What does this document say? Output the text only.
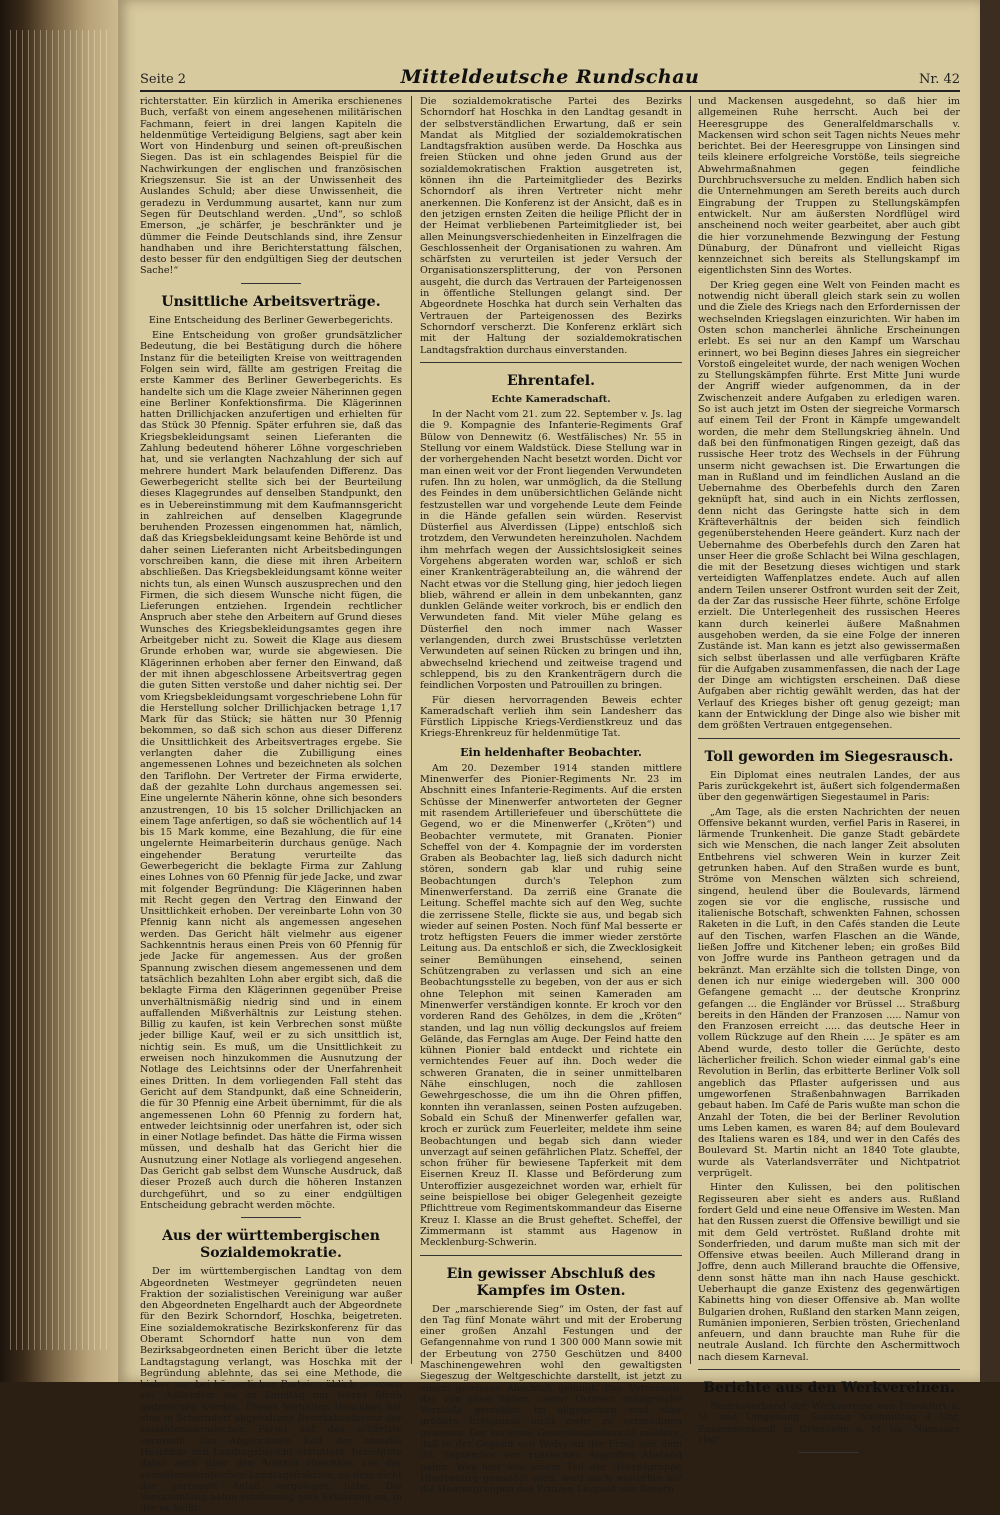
Seite 2	Mitteldeutsche Rundschau	Nr. 42

richterstatter. Ein kürzlich in Amerika erschienenes Buch, verfaßt von einem angesehenen militärischen Fachmann, feiert in drei langen Kapiteln die heldenmütige Verteidigung Belgiens, sagt aber kein Wort von Hindenburg und seinen oft-preußischen Siegen. Das ist ein schlagendes Beispiel für die Nachwirkungen der englischen und französischen Kriegszensur. Sie ist an der Unwissenheit des Auslandes Schuld; aber diese Unwissenheit, die geradezu in Verdummung ausartet, kann nur zum Segen für Deutschland werden. „Und“, so schloß Emerson, „je schärfer, je beschränkter und je dümmer die Feinde Deutschlands sind, ihre Zensur handhaben und ihre Berichterstattung fälschen, desto besser für den endgültigen Sieg der deutschen Sache!“

Unsittliche Arbeitsverträge.
Eine Entscheidung des Berliner Gewerbegerichts.

Eine Entscheidung von großer grundsätzlicher Bedeutung, die bei Bestätigung durch die höhere Instanz für die beteiligten Kreise von weittragenden Folgen sein wird, fällte am gestrigen Freitag die erste Kammer des Berliner Gewerbegerichts. Es handelte sich um die Klage zweier Näherinnen gegen eine Berliner Konfektionsfirma. Die Klägerinnen hatten Drillichjacken anzufertigen und erhielten für das Stück 30 Pfennig. Später erfuhren sie, daß das Kriegsbekleidungsamt seinen Lieferanten die Zahlung bedeutend höherer Löhne vorgeschrieben hat, und sie verlangten Nachzahlung der sich auf mehrere hundert Mark belaufenden Differenz. Das Gewerbegericht stellte sich bei der Beurteilung dieses Klagegrundes auf denselben Standpunkt, den es in Uebereinstimmung mit dem Kaufmannsgericht in zahlreichen auf denselben Klagegrunde beruhenden Prozessen eingenommen hat, nämlich, daß das Kriegsbekleidungsamt keine Behörde ist und daher seinen Lieferanten nicht Arbeitsbedingungen vorschreiben kann, die diese mit ihren Arbeitern abschließen. Das Kriegsbekleidungsamt könne weiter nichts tun, als einen Wunsch auszusprechen und den Firmen, die sich diesem Wunsche nicht fügen, die Lieferungen entziehen. Irgendein rechtlicher Anspruch aber stehe den Arbeitern auf Grund dieses Wunsches des Kriegsbekleidungsamtes gegen ihre Arbeitgeber nicht zu. Soweit die Klage aus diesem Grunde erhoben war, wurde sie abgewiesen. Die Klägerinnen erhoben aber ferner den Einwand, daß der mit ihnen abgeschlossene Arbeitsvertrag gegen die guten Sitten verstoße und daher nichtig sei. Der vom Kriegsbekleidungsamt vorgeschriebene Lohn für die Herstellung solcher Drillichjacken betrage 1,17 Mark für das Stück; sie hätten nur 30 Pfennig bekommen, so daß sich schon aus dieser Differenz die Unsittlichkeit des Arbeitsvertrages ergebe. Sie verlangten daher die Zubilligung eines angemessenen Lohnes und bezeichneten als solchen den Tariflohn. Der Vertreter der Firma erwiderte, daß der gezahlte Lohn durchaus angemessen sei. Eine ungelernte Näherin könne, ohne sich besonders anzustrengen, 10 bis 15 solcher Drillichjacken an einem Tage anfertigen, so daß sie wöchentlich auf 14 bis 15 Mark komme, eine Bezahlung, die für eine ungelernte Heimarbeiterin durchaus genüge. Nach eingehender Beratung verurteilte das Gewerbegericht die beklagte Firma zur Zahlung eines Lohnes von 60 Pfennig für jede Jacke, und zwar mit folgender Begründung: Die Klägerinnen haben mit Recht gegen den Vertrag den Einwand der Unsittlichkeit erhoben. Der vereinbarte Lohn von 30 Pfennig kann nicht als angemessen angesehen werden. Das Gericht hält vielmehr aus eigener Sachkenntnis heraus einen Preis von 60 Pfennig für jede Jacke für angemessen. Aus der großen Spannung zwischen diesem angemessenen und dem tatsächlich bezahlten Lohn aber ergibt sich, daß die beklagte Firma den Klägerinnen gegenüber Preise unverhältnismäßig niedrig sind und in einem auffallenden Mißverhältnis zur Leistung stehen. Billig zu kaufen, ist kein Verbrechen sonst müßte jeder billige Kauf, weil er zu sich unsittlich ist, nichtig sein. Es muß, um die Unsittlichkeit zu erweisen noch hinzukommen die Ausnutzung der Notlage des Leichtsinns oder der Unerfahrenheit eines Dritten. In dem vorliegenden Fall steht das Gericht auf dem Standpunkt, daß eine Schneiderin, die für 30 Pfennig eine Arbeit übernimmt, für die als angemessenen Lohn 60 Pfennig zu fordern hat, entweder leichtsinnig oder unerfahren ist, oder sich in einer Notlage befindet. Das hätte die Firma wissen müssen, und deshalb hat das Gericht hier die Ausnutzung einer Notlage als vorliegend angesehen. Das Gericht gab selbst dem Wunsche Ausdruck, daß dieser Prozeß auch durch die höheren Instanzen durchgeführt, und so zu einer endgültigen Entscheidung gebracht werden möchte.

Aus der württembergischen Sozialdemokratie.

Der im württembergischen Landtag von dem Abgeordneten Westmeyer gegründeten neuen Fraktion der sozialistischen Vereinigung war außer den Abgeordneten Engelhardt auch der Abgeordnete für den Bezirk Schorndorf, Hoschka, beigetreten. Eine sozialdemokratische Bezirkskonferenz für das Oberamt Schorndorf hatte nun von dem Bezirksabgeordneten einen Bericht über die letzte Landtagstagung verlangt, was Hoschka mit der Begründung ablehnte, das sei eine Methode, die bisher nur bei bürgerlichen Parteien üblich gewesen sei. Außerdem sei im Landtag nur leeres Stroh gedroschen worden. Dieses Verhalten Hoschkas hat eine in Schorndorf abgehaltene Bezirkskonferenz der sozialdemokratischen Partei auf das schärfste verurteilt. Der Abgeordnete Keil, der anstelle Hoschkas den Landtagsbericht erstattete, berichtete dabei auch über den Austritt Hoschkas aus der sozialdemokratischen Landtagsfraktion, zu dem nicht der geringste Anlaß vorgelegen habe. Die Versammlung nahm einstimmig eine Erklärung an, in der es heißt:

Die sozialdemokratische Partei des Bezirks Schorndorf hat Hoschka in den Landtag gesandt in der selbstverständlichen Erwartung, daß er sein Mandat als Mitglied der sozialdemokratischen Landtagsfraktion ausüben werde. Da Hoschka aus freien Stücken und ohne jeden Grund aus der sozialdemokratischen Fraktion ausgetreten ist, können ihn die Parteimitglieder des Bezirks Schorndorf als ihren Vertreter nicht mehr anerkennen. Die Konferenz ist der Ansicht, daß es in den jetzigen ernsten Zeiten die heilige Pflicht der in der Heimat verbliebenen Parteimitglieder ist, bei allen Meinungsverschiedenheiten in Einzelfragen die Geschlossenheit der Organisationen zu wahren. Am schärfsten zu verurteilen ist jeder Versuch der Organisationszersplitterung, der von Personen ausgeht, die durch das Vertrauen der Parteigenossen in öffentliche Stellungen gelangt sind. Der Abgeordnete Hoschka hat durch sein Verhalten das Vertrauen der Parteigenossen des Bezirks Schorndorf verscherzt. Die Konferenz erklärt sich mit der Haltung der sozialdemokratischen Landtagsfraktion durchaus einverstanden.

Ehrentafel.
Echte Kameradschaft.

In der Nacht vom 21. zum 22. September v. Js. lag die 9. Kompagnie des Infanterie-Regiments Graf Bülow von Dennewitz (6. Westfälisches) Nr. 55 in Stellung vor einem Waldstück. Diese Stellung war in der vorhergehenden Nacht besetzt worden. Dicht vor man einen weit vor der Front liegenden Verwundeten rufen. Ihn zu holen, war unmöglich, da die Stellung des Feindes in dem unübersichtlichen Gelände nicht festzustellen war und vorgehende Leute dem Feinde in die Hände gefallen sein würden. Reservist Düsterfiel aus Alverdissen (Lippe) entschloß sich trotzdem, den Verwundeten hereinzuholen. Nachdem ihm mehrfach wegen der Aussichtslosigkeit seines Vorgehens abgeraten worden war, schloß er sich einer Krankenträgerabteilung an, die während der Nacht etwas vor die Stellung ging, hier jedoch liegen blieb, während er allein in dem unbekannten, ganz dunklen Gelände weiter vorkroch, bis er endlich den Verwundeten fand. Mit vieler Mühe gelang es Düsterfiel den noch immer nach Wasser verlangenden, durch zwei Brustschüsse verletzten Verwundeten auf seinen Rücken zu bringen und ihn, abwechselnd kriechend und zeitweise tragend und schleppend, bis zu den Krankenträgern durch die feindlichen Vorposten und Patrouillen zu bringen.

Für diesen hervorragenden Beweis echter Kameradschaft verlieh ihm sein Landesherr das Fürstlich Lippische Kriegs-Verdienstkreuz und das Kriegs-Ehrenkreuz für heldenmütige Tat.

Ein heldenhafter Beobachter.

Am 20. Dezember 1914 standen mittlere Minenwerfer des Pionier-Regiments Nr. 23 im Abschnitt eines Infanterie-Regiments. Auf die ersten Schüsse der Minenwerfer antworteten der Gegner mit rasendem Artilleriefeuer und überschüttete die Gegend, wo er die Minenwerfer („Kröten“) und Beobachter vermutete, mit Granaten. Pionier Scheffel von der 4. Kompagnie der im vordersten Graben als Beobachter lag, ließ sich dadurch nicht stören, sondern gab klar und ruhig seine Beobachtungen durch's Telephon zum Minenwerferstand. Da zerriß eine Granate die Leitung. Scheffel machte sich auf den Weg, suchte die zerrissene Stelle, flickte sie aus, und begab sich wieder auf seinen Posten. Noch fünf Mal besserte er trotz heftigsten Feuers die immer wieder zerstörte Leitung aus. Da entschloß er sich, die Zwecklosigkeit seiner Bemühungen einsehend, seinen Schützengraben zu verlassen und sich an eine Beobachtungsstelle zu begeben, von der aus er sich ohne Telephon mit seinen Kameraden am Minenwerfer verständigen konnte. Er kroch vor den vorderen Rand des Gehölzes, in dem die „Kröten“ standen, und lag nun völlig deckungslos auf freiem Gelände, das Fernglas am Auge. Der Feind hatte den kühnen Pionier bald entdeckt und richtete ein vernichtendes Feuer auf ihn. Doch weder die schweren Granaten, die in seiner unmittelbaren Nähe einschlugen, noch die zahllosen Gewehrgeschosse, die um ihn die Ohren pfiffen, konnten ihn veranlassen, seinen Posten aufzugeben. Sobald ein Schuß der Minenwerfer gefallen war, kroch er zurück zum Feuerleiter, meldete ihm seine Beobachtungen und begab sich dann wieder unverzagt auf seinen gefährlichen Platz. Scheffel, der schon früher für bewiesene Tapferkeit mit dem Eisernen Kreuz II. Klasse und Beförderung zum Unteroffizier ausgezeichnet worden war, erhielt für seine beispiellose bei obiger Gelegenheit gezeigte Pflichttreue vom Regimentskommandeur das Eiserne Kreuz I. Klasse an die Brust geheftet. Scheffel, der Zimmermann ist stammt aus Hagenow in Mecklenburg-Schwerin.

Ein gewisser Abschluß des Kampfes im Osten.

Der „marschierende Sieg“ im Osten, der fast auf den Tag fünf Monate währt und mit der Eroberung einer großen Anzahl Festungen und der Gefangennahme von rund 1 300 000 Mann sowie mit der Erbeutung von 2750 Geschützen und 8400 Maschinengewehren wohl den gewaltigsten Siegeszug der Weltgeschichte darstellt, ist jetzt zu einem gewissen Abschluß gelangt. Das Vorrücken, das von allen Seiten unsrer Ostfront erfolgreiche Vorstöße gemeldet, im allgemeinen sind aber größere Ereignisse nicht mehr zu verzeichnen gewesen. Der vorletzte Generalstabsbericht meldete, daß in der Gegend von Widsy an der Front seit dem 30. September von russischen Angriffen Abstand nahm. Was hier von einem Teil der Heeresgruppe Hindenburg gemeldet wird, wird auch weiterhin auf die Heeresgruppen des Prinzen Leopold von Bayern

und Mackensen ausgedehnt, so daß hier im allgemeinen Ruhe herrscht. Auch bei der Heeresgruppe des Generalfeldmarschalls v. Mackensen wird schon seit Tagen nichts Neues mehr berichtet. Bei der Heeresgruppe von Linsingen sind teils kleinere erfolgreiche Vorstöße, teils siegreiche Abwehrmaßnahmen gegen feindliche Durchbruchsversuche zu melden. Endlich haben sich die Unternehmungen am Sereth bereits auch durch Eingrabung der Truppen zu Stellungskämpfen entwickelt. Nur am äußersten Nordflügel wird anscheinend noch weiter gearbeitet, aber auch gibt die hier vorzunehmende Bezwingung der Festung Dünaburg, der Dünafront und vielleicht Rigas kennzeichnet sich bereits als Stellungskampf im eigentlichsten Sinn des Wortes.

Der Krieg gegen eine Welt von Feinden macht es notwendig nicht überall gleich stark sein zu wollen und die Ziele des Kriegs nach den Erfordernissen der wechselnden Kriegslagen einzurichten. Wir haben im Osten schon mancherlei ähnliche Erscheinungen erlebt. Es sei nur an den Kampf um Warschau erinnert, wo bei Beginn dieses Jahres ein siegreicher Vorstoß eingeleitet wurde, der nach wenigen Wochen zu Stellungskämpfen führte. Erst Mitte Juni wurde der Angriff wieder aufgenommen, da in der Zwischenzeit andere Aufgaben zu erledigen waren. So ist auch jetzt im Osten der siegreiche Vormarsch auf einem Teil der Front in Kämpfe umgewandelt worden, die mehr dem Stellungskrieg ähneln. Und daß bei den fünfmonatigen Ringen gezeigt, daß das russische Heer trotz des Wechsels in der Führung unserm nicht gewachsen ist. Die Erwartungen die man in Rußland und im feindlichen Ausland an die Uebernahme des Oberbefehls durch den Zaren geknüpft hat, sind auch in ein Nichts zerflossen, denn nicht das Geringste hatte sich in dem Kräfteverhältnis der beiden sich feindlich gegenüberstehenden Heere geändert. Kurz nach der Uebernahme des Oberbefehls durch den Zaren hat unser Heer die große Schlacht bei Wilna geschlagen, die mit der Besetzung dieses wichtigen und stark verteidigten Waffenplatzes endete. Auch auf allen andern Teilen unserer Ostfront wurden seit der Zeit, da der Zar das russische Heer führte, schöne Erfolge erzielt. Die Unterlegenheit des russischen Heeres kann durch keinerlei äußere Maßnahmen ausgehoben werden, da sie eine Folge der inneren Zustände ist. Man kann es jetzt also gewissermaßen sich selbst überlassen und alle verfügbaren Kräfte für die Aufgaben zusammenfassen, die nach der Lage der Dinge am wichtigsten erscheinen. Daß diese Aufgaben aber richtig gewählt werden, das hat der Verlauf des Krieges bisher oft genug gezeigt; man kann der Entwicklung der Dinge also wie bisher mit dem größten Vertrauen entgegensehen.

Toll geworden im Siegesrausch.

Ein Diplomat eines neutralen Landes, der aus Paris zurückgekehrt ist, äußert sich folgendermaßen über den gegenwärtigen Siegestaumel in Paris:

„Am Tage, als die ersten Nachrichten der neuen Offensive bekannt wurden, verfiel Paris in Raserei, in lärmende Trunkenheit. Die ganze Stadt gebärdete sich wie Menschen, die nach langer Zeit absoluten Entbehrens viel schweren Wein in kurzer Zeit getrunken haben. Auf den Straßen wurde es bunt, Ströme von Menschen wälzten sich schreiend, singend, heulend über die Boulevards, lärmend zogen sie vor die englische, russische und italienische Botschaft, schwenkten Fahnen, schossen Raketen in die Luft, in den Cafés standen die Leute auf den Tischen, warfen Flaschen an die Wände, ließen Joffre und Kitchener leben; ein großes Bild von Joffre wurde ins Pantheon getragen und da bekränzt. Man erzählte sich die tollsten Dinge, von denen ich nur einige wiedergeben will. 300 000 Gefangene gemacht ... der deutsche Kronprinz gefangen ... die Engländer vor Brüssel ... Straßburg bereits in den Händen der Franzosen ..... Namur von den Franzosen erreicht ..... das deutsche Heer in vollem Rückzuge auf den Rhein .... Je später es am Abend wurde, desto toller die Gerüchte, desto lächerlicher freilich. Schon wieder einmal gab's eine Revolution in Berlin, das erbitterte Berliner Volk soll angeblich das Pflaster aufgerissen und aus umgeworfenen Straßenbahnwagen Barrikaden gebaut haben. Im Café de Paris wußte man schon die Anzahl der Toten, die bei der Berliner Revolution ums Leben kamen, es waren 84; auf dem Boulevard des Italiens waren es 184, und wer in den Cafés des Boulevard St. Martin nicht an 1840 Tote glaubte, wurde als Vaterlandsverräter und Nichtpatriot verprügelt.

Hinter den Kulissen, bei den politischen Regisseuren aber sieht es anders aus. Rußland fordert Geld und eine neue Offensive im Westen. Man hat den Russen zuerst die Offensive bewilligt und sie mit dem Geld vertröstet. Rußland drohte mit Sonderfrieden, und darum mußte man sich mit der Offensive etwas beeilen. Auch Millerand drang in Joffre, denn auch Millerand brauchte die Offensive, denn sonst hätte man ihn nach Hause geschickt. Ueberhaupt die ganze Existenz des gegenwärtigen Kabinetts hing von dieser Offensive ab. Man wollte Bulgarien drohen, Rußland den starken Mann zeigen, Rumänien imponieren, Serbien trösten, Griechenland anfeuern, und dann brauchte man Ruhe für die neutrale Ausland. Ich fürchte den Aschermittwoch nach diesem Karneval.

Berichte aus den Werkvereinen.

Bezirksverband der Werkvereine von Frankfurt a. M. und Umgebung. Sonntag Nachmittag 4 Uhr, Zusammenkunft in Griesheim a. M. im „Nassauer Hof“.
